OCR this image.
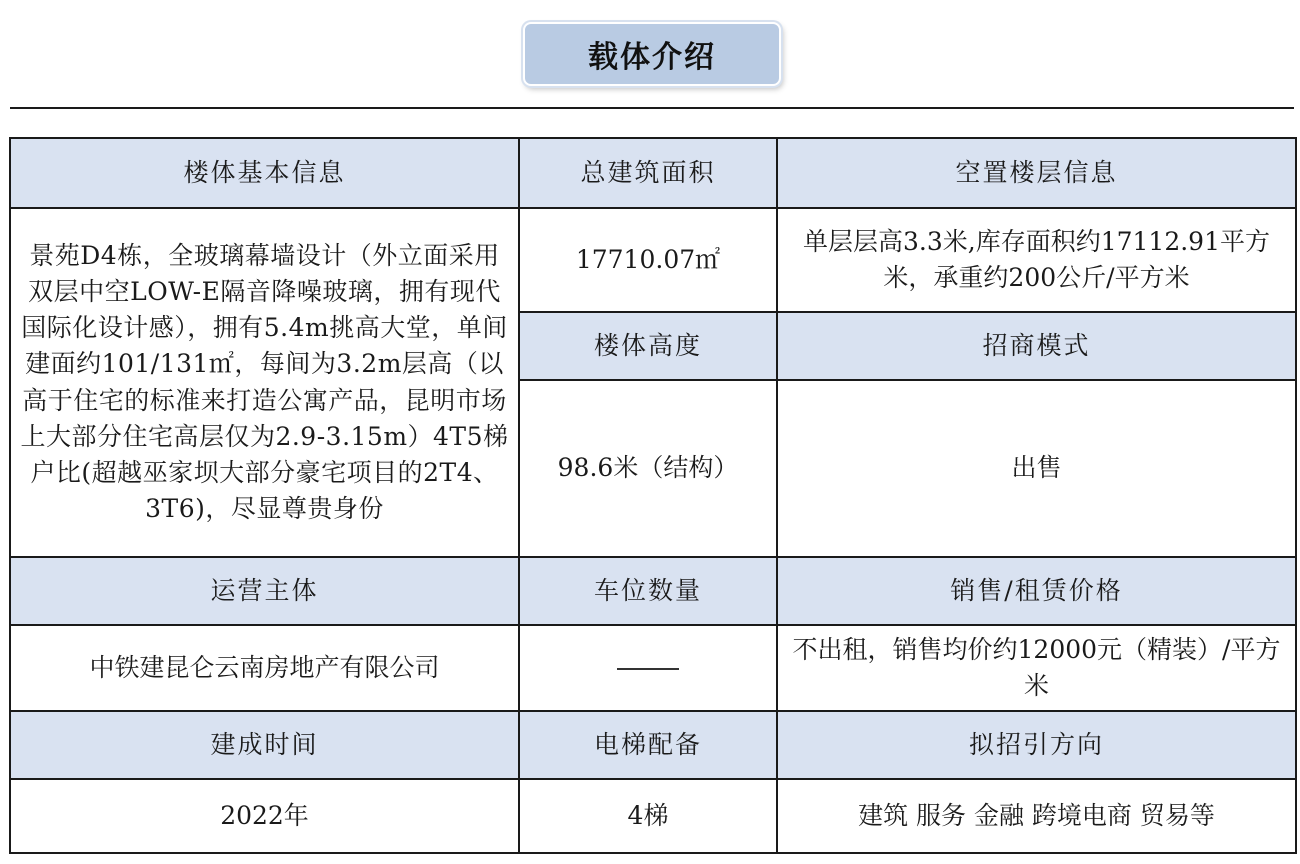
载体介绍
楼体基本信息	总建筑面积	空置楼层信息
景苑D4栋，全玻璃幕墙设计（外立面采用双层中空LOW-E隔音降噪玻璃，拥有现代国际化设计感），拥有5.4m挑高大堂，单间建面约101/131㎡，每间为3.2m层高（以高于住宅的标准来打造公寓产品，昆明市场上大部分住宅高层仅为2.9-3.15m）4T5梯户比(超越巫家坝大部分豪宅项目的2T4、3T6)，尽显尊贵身份	17710.07㎡	单层层高3.3米,库存面积约17112.91平方米，承重约200公斤/平方米
	楼体高度	招商模式
	98.6米（结构）	出售
运营主体	车位数量	销售/租赁价格
中铁建昆仑云南房地产有限公司		不出租，销售均价约12000元（精装）/平方米
建成时间	电梯配备	拟招引方向
2022年	4梯	建筑 服务 金融 跨境电商 贸易等
